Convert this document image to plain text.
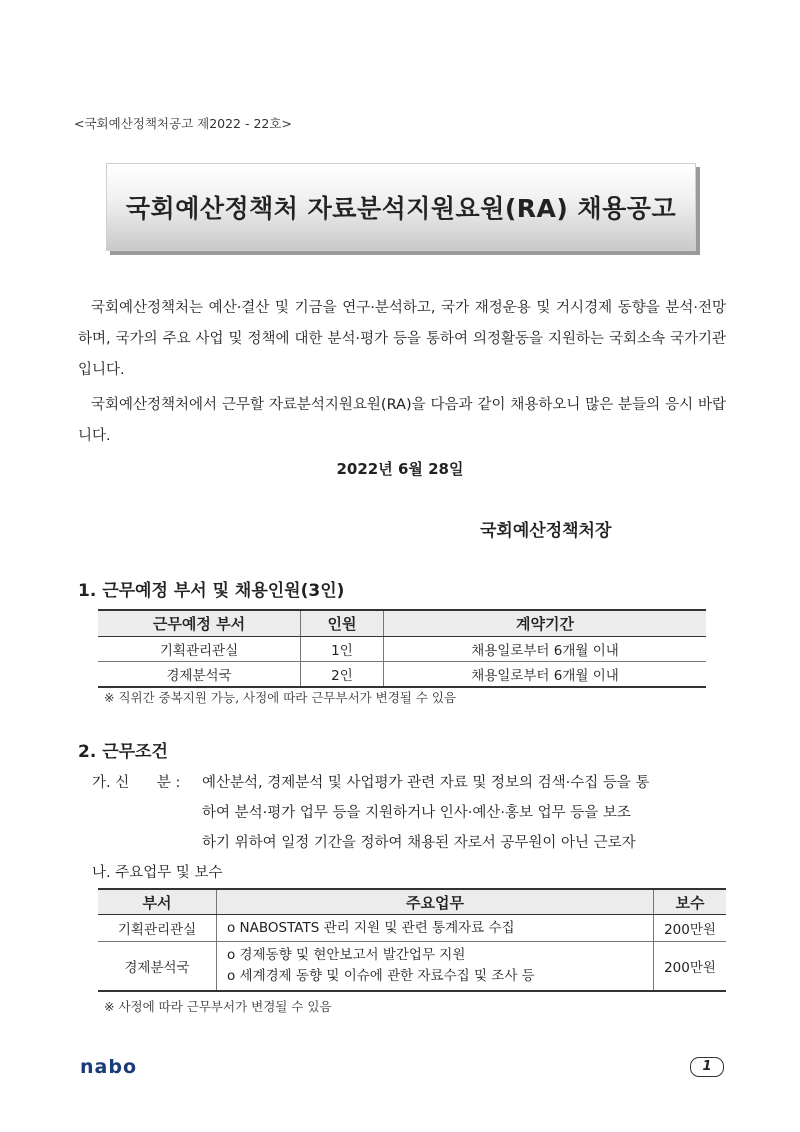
<국회예산정책처공고 제2022 - 22호>
국회예산정책처 자료분석지원요원(RA) 채용공고

국회예산정책처는 예산·결산 및 기금을 연구·분석하고, 국가 재정운용 및 거시경제 동향을 분석·전망하며, 국가의 주요 사업 및 정책에 대한 분석·평가 등을 통하여 의정활동을 지원하는 국회소속 국가기관입니다.

국회예산정책처에서 근무할 자료분석지원요원(RA)을 다음과 같이 채용하오니 많은 분들의 응시 바랍니다.

2022년 6월 28일
국회예산정책처장
1. 근무예정 부서 및 채용인원(3인)
근무예정 부서	인원	계약기간
기획관리관실	1인	채용일로부터 6개월 이내
경제분석국	2인	채용일로부터 6개월 이내
※ 직위간 중복지원 가능, 사정에 따라 근무부서가 변경될 수 있음
2. 근무조건
가. 신      분 : 예산분석, 경제분석 및 사업평가 관련 자료 및 정보의 검색·수집 등을 통
하여 분석·평가 업무 등을 지원하거나 인사·예산·홍보 업무 등을 보조
하기 위하여 일정 기간을 정하여 채용된 자로서 공무원이 아닌 근로자
나. 주요업무 및 보수
부서	주요업무	보수
기획관리관실	o NABOSTATS 관리 지원 및 관련 통계자료 수집	200만원
경제분석국	o 경제동향 및 현안보고서 발간업무 지원
o 세계경제 동향 및 이슈에 관한 자료수집 및 조사 등	200만원
※ 사정에 따라 근무부서가 변경될 수 있음
nabo	1
